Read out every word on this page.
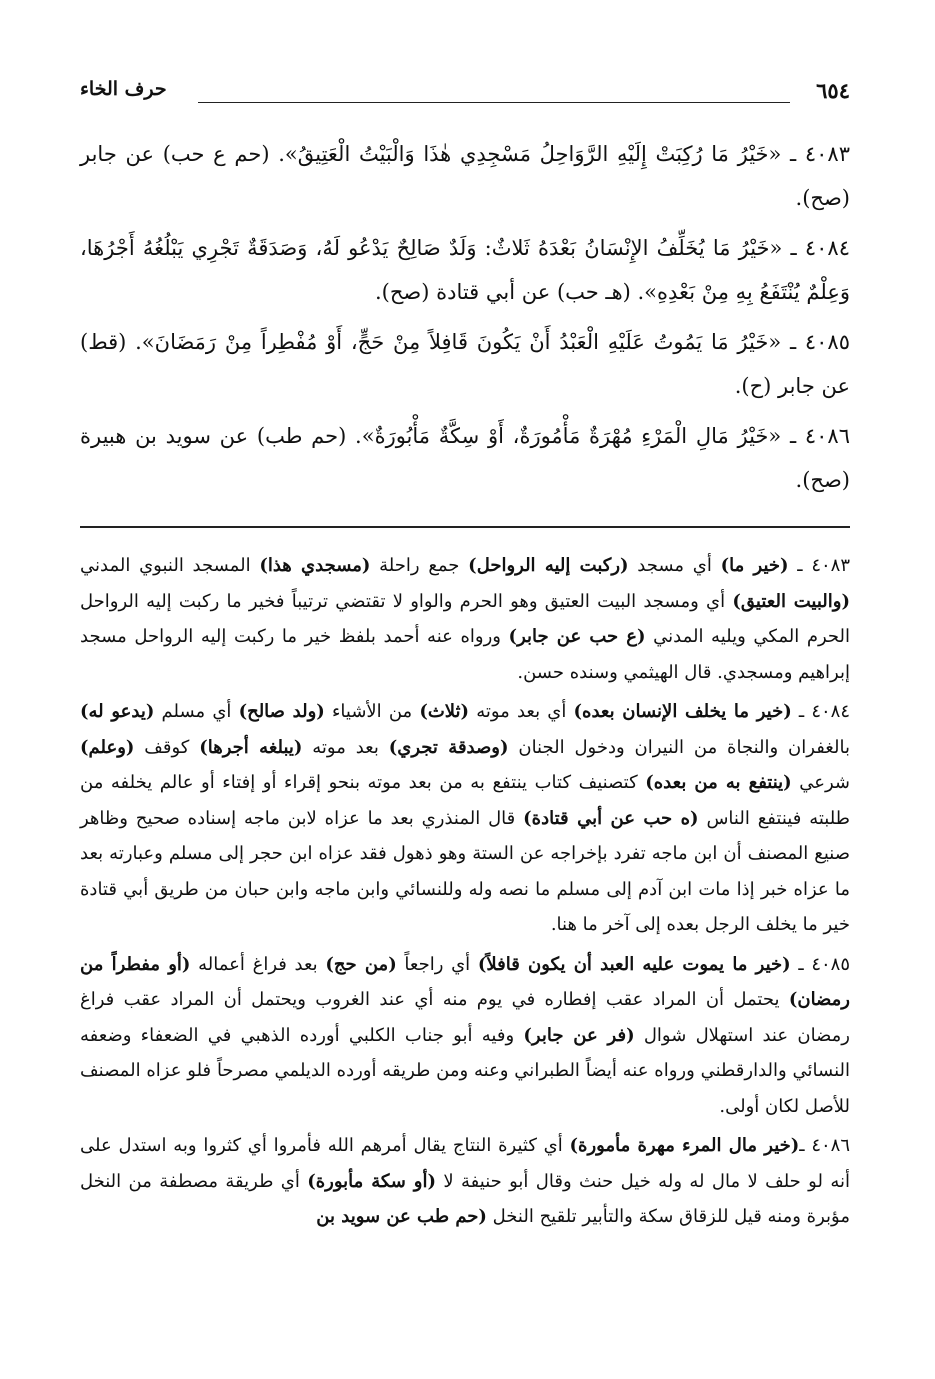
٦٥٤
حرف الخاء

٤٠٨٣ ـ «خَيْرُ مَا رُكِبَتْ إِلَيْهِ الرَّوَاحِلُ مَسْجِدِي هٰذَا وَالْبَيْتُ الْعَتِيقُ». (حم ع حب) عن جابر (صح).

٤٠٨٤ ـ «خَيْرُ مَا يُخَلِّفُ الإِنْسَانُ بَعْدَهُ ثَلاثٌ: وَلَدٌ صَالِحٌ يَدْعُو لَهُ، وَصَدَقَةٌ تَجْرِي يَبْلُغُهُ أَجْرُهَا، وَعِلْمٌ يُنْتَفَعُ بِهِ مِنْ بَعْدِهِ». (هـ حب) عن أبي قتادة (صح).

٤٠٨٥ ـ «خَيْرُ مَا يَمُوتُ عَلَيْهِ الْعَبْدُ أَنْ يَكُونَ قَافِلاً مِنْ حَجٍّ، أَوْ مُفْطِراً مِنْ رَمَضَانَ». (قط) عن جابر (ح).

٤٠٨٦ ـ «خَيْرُ مَالِ الْمَرْءِ مُهْرَةٌ مَأْمُورَةٌ، أَوْ سِكَّةٌ مَأْبُورَةٌ». (حم طب) عن سويد بن هبيرة (صح).

٤٠٨٣ ـ (خير ما) أي مسجد (ركبت إليه الرواحل) جمع راحلة (مسجدي هذا) المسجد النبوي المدني (والبيت العتيق) أي ومسجد البيت العتيق وهو الحرم والواو لا تقتضي ترتيباً فخير ما ركبت إليه الرواحل الحرم المكي ويليه المدني (ع حب عن جابر) ورواه عنه أحمد بلفظ خير ما ركبت إليه الرواحل مسجد إبراهيم ومسجدي. قال الهيثمي وسنده حسن.

٤٠٨٤ ـ (خير ما يخلف الإنسان بعده) أي بعد موته (ثلاث) من الأشياء (ولد صالح) أي مسلم (يدعو له) بالغفران والنجاة من النيران ودخول الجنان (وصدقة تجري) بعد موته (يبلغه أجرها) كوقف (وعلم) شرعي (ينتفع به من بعده) كتصنيف كتاب ينتفع به من بعد موته بنحو إقراء أو إفتاء أو عالم يخلفه من طلبته فينتفع الناس (ه حب عن أبي قتادة) قال المنذري بعد ما عزاه لابن ماجه إسناده صحيح وظاهر صنيع المصنف أن ابن ماجه تفرد بإخراجه عن الستة وهو ذهول فقد عزاه ابن حجر إلى مسلم وعبارته بعد ما عزاه خبر إذا مات ابن آدم إلى مسلم ما نصه وله وللنسائي وابن ماجه وابن حبان من طريق أبي قتادة خير ما يخلف الرجل بعده إلى آخر ما هنا.

٤٠٨٥ ـ (خير ما يموت عليه العبد أن يكون قافلاً) أي راجعاً (من حج) بعد فراغ أعماله (أو مفطراً من رمضان) يحتمل أن المراد عقب إفطاره في يوم منه أي عند الغروب ويحتمل أن المراد عقب فراغ رمضان عند استهلال شوال (فر عن جابر) وفيه أبو جناب الكلبي أورده الذهبي في الضعفاء وضعفه النسائي والدارقطني ورواه عنه أيضاً الطبراني وعنه ومن طريقه أورده الديلمي مصرحاً فلو عزاه المصنف للأصل لكان أولى.

٤٠٨٦ ـ(خير مال المرء مهرة مأمورة) أي كثيرة النتاج يقال أمرهم الله فأمروا أي كثروا وبه استدل على أنه لو حلف لا مال له وله خيل حنث وقال أبو حنيفة لا (أو سكة مأبورة) أي طريقة مصطفة من النخل مؤبرة ومنه قيل للزقاق سكة والتأبير تلقيح النخل (حم طب عن سويد بن
